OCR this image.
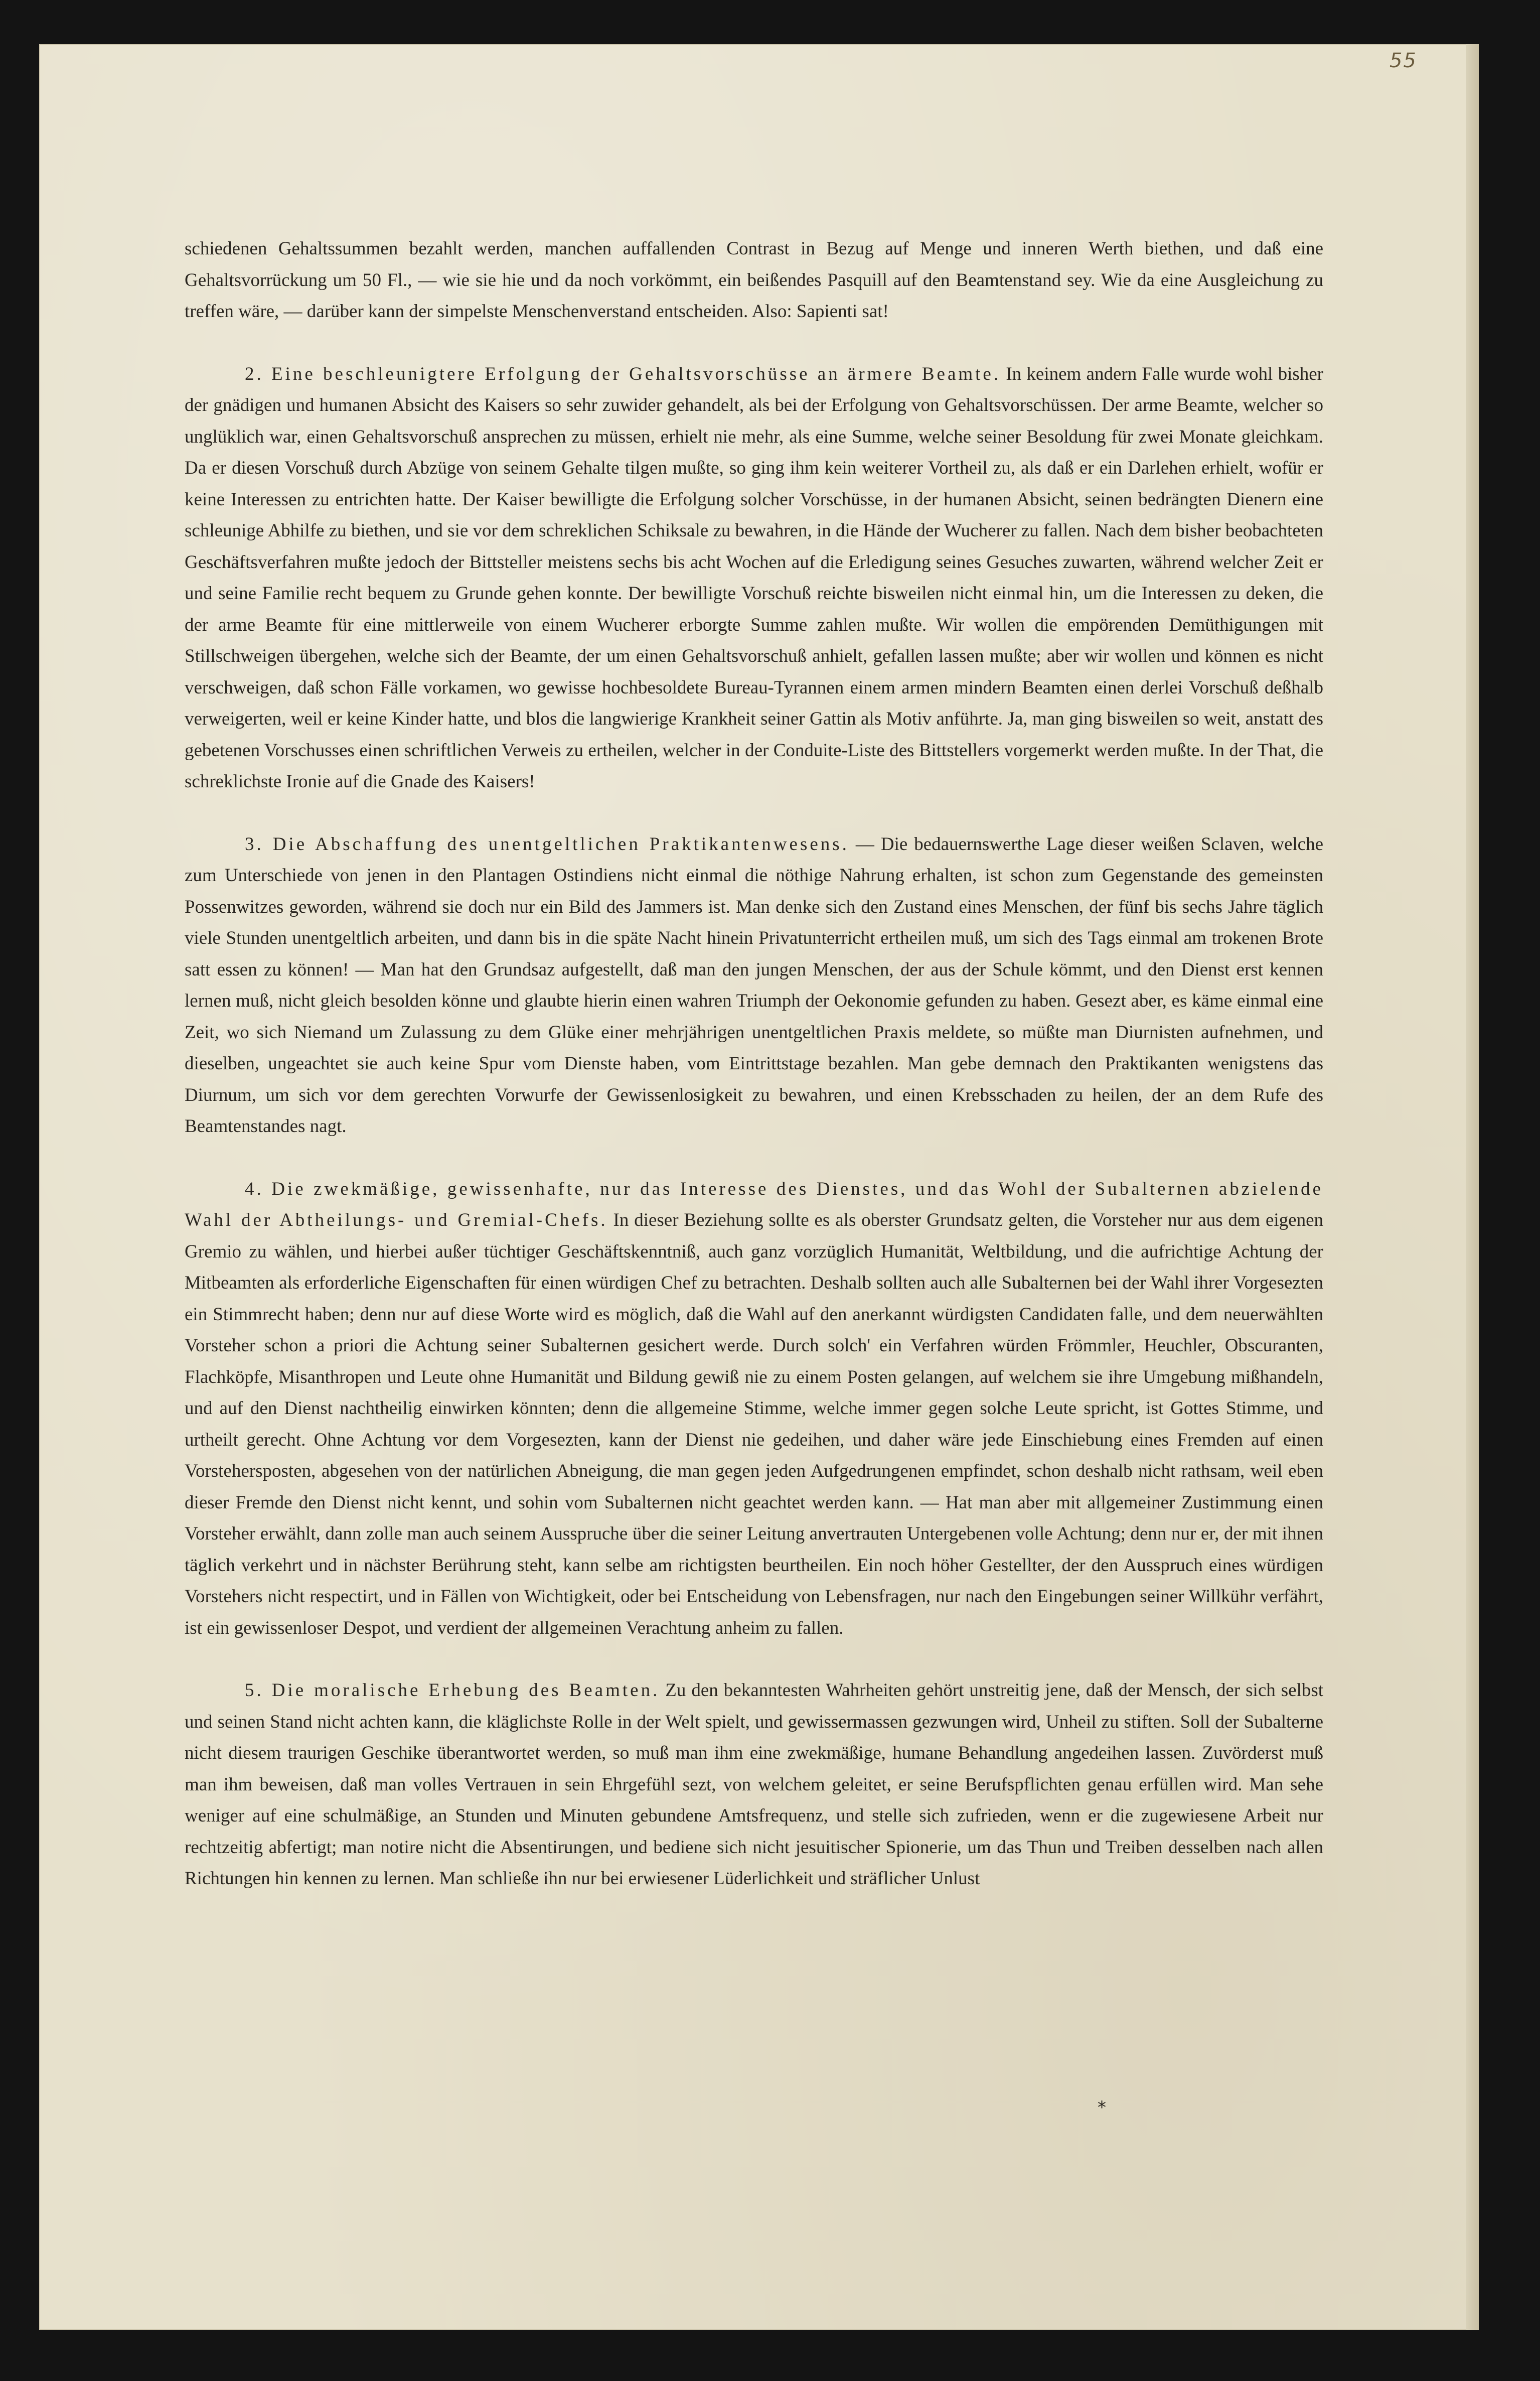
55

schiedenen Gehaltssummen bezahlt werden, manchen auffallenden Contrast in Bezug auf Menge und inneren Werth biethen, und daß eine Gehaltsvorrückung um 50 Fl., — wie sie hie und da noch vorkömmt, ein beißendes Pasquill auf den Beamtenstand sey. Wie da eine Ausgleichung zu treffen wäre, — darüber kann der simpelste Menschenverstand entscheiden. Also: Sapienti sat!

2. Eine beschleunigtere Erfolgung der Gehaltsvorschüsse an ärmere Beamte. In keinem andern Falle wurde wohl bisher der gnädigen und humanen Absicht des Kaisers so sehr zuwider gehandelt, als bei der Erfolgung von Gehaltsvorschüssen. Der arme Beamte, welcher so unglüklich war, einen Gehaltsvorschuß ansprechen zu müssen, erhielt nie mehr, als eine Summe, welche seiner Besoldung für zwei Monate gleichkam. Da er diesen Vorschuß durch Abzüge von seinem Gehalte tilgen mußte, so ging ihm kein weiterer Vortheil zu, als daß er ein Darlehen erhielt, wofür er keine Interessen zu entrichten hatte. Der Kaiser bewilligte die Erfolgung solcher Vorschüsse, in der humanen Absicht, seinen bedrängten Dienern eine schleunige Abhilfe zu biethen, und sie vor dem schreklichen Schiksale zu bewahren, in die Hände der Wucherer zu fallen. Nach dem bisher beobachteten Geschäftsverfahren mußte jedoch der Bittsteller meistens sechs bis acht Wochen auf die Erledigung seines Gesuches zuwarten, während welcher Zeit er und seine Familie recht bequem zu Grunde gehen konnte. Der bewilligte Vorschuß reichte bisweilen nicht einmal hin, um die Interessen zu deken, die der arme Beamte für eine mittlerweile von einem Wucherer erborgte Summe zahlen mußte. Wir wollen die empörenden Demüthigungen mit Stillschweigen übergehen, welche sich der Beamte, der um einen Gehaltsvorschuß anhielt, gefallen lassen mußte; aber wir wollen und können es nicht verschweigen, daß schon Fälle vorkamen, wo gewisse hochbesoldete Bureau-Tyrannen einem armen mindern Beamten einen derlei Vorschuß deßhalb verweigerten, weil er keine Kinder hatte, und blos die langwierige Krankheit seiner Gattin als Motiv anführte. Ja, man ging bisweilen so weit, anstatt des gebetenen Vorschusses einen schriftlichen Verweis zu ertheilen, welcher in der Conduite-Liste des Bittstellers vorgemerkt werden mußte. In der That, die schreklichste Ironie auf die Gnade des Kaisers!

3. Die Abschaffung des unentgeltlichen Praktikantenwesens. — Die bedauernswerthe Lage dieser weißen Sclaven, welche zum Unterschiede von jenen in den Plantagen Ostindiens nicht einmal die nöthige Nahrung erhalten, ist schon zum Gegenstande des gemeinsten Possenwitzes geworden, während sie doch nur ein Bild des Jammers ist. Man denke sich den Zustand eines Menschen, der fünf bis sechs Jahre täglich viele Stunden unentgeltlich arbeiten, und dann bis in die späte Nacht hinein Privatunterricht ertheilen muß, um sich des Tags einmal am trokenen Brote satt essen zu können! — Man hat den Grundsaz aufgestellt, daß man den jungen Menschen, der aus der Schule kömmt, und den Dienst erst kennen lernen muß, nicht gleich besolden könne und glaubte hierin einen wahren Triumph der Oekonomie gefunden zu haben. Gesezt aber, es käme einmal eine Zeit, wo sich Niemand um Zulassung zu dem Glüke einer mehrjährigen unentgeltlichen Praxis meldete, so müßte man Diurnisten aufnehmen, und dieselben, ungeachtet sie auch keine Spur vom Dienste haben, vom Eintrittstage bezahlen. Man gebe demnach den Praktikanten wenigstens das Diurnum, um sich vor dem gerechten Vorwurfe der Gewissenlosigkeit zu bewahren, und einen Krebsschaden zu heilen, der an dem Rufe des Beamtenstandes nagt.

4. Die zwekmäßige, gewissenhafte, nur das Interesse des Dienstes, und das Wohl der Subalternen abzielende Wahl der Abtheilungs- und Gremial-Chefs. In dieser Beziehung sollte es als oberster Grundsatz gelten, die Vorsteher nur aus dem eigenen Gremio zu wählen, und hierbei außer tüchtiger Geschäftskenntniß, auch ganz vorzüglich Humanität, Weltbildung, und die aufrichtige Achtung der Mitbeamten als erforderliche Eigenschaften für einen würdigen Chef zu betrachten. Deshalb sollten auch alle Subalternen bei der Wahl ihrer Vorgesezten ein Stimmrecht haben; denn nur auf diese Worte wird es möglich, daß die Wahl auf den anerkannt würdigsten Candidaten falle, und dem neuerwählten Vorsteher schon a priori die Achtung seiner Subalternen gesichert werde. Durch solch' ein Verfahren würden Frömmler, Heuchler, Obscuranten, Flachköpfe, Misanthropen und Leute ohne Humanität und Bildung gewiß nie zu einem Posten gelangen, auf welchem sie ihre Umgebung mißhandeln, und auf den Dienst nachtheilig einwirken könnten; denn die allgemeine Stimme, welche immer gegen solche Leute spricht, ist Gottes Stimme, und urtheilt gerecht. Ohne Achtung vor dem Vorgesezten, kann der Dienst nie gedeihen, und daher wäre jede Einschiebung eines Fremden auf einen Vorstehersposten, abgesehen von der natürlichen Abneigung, die man gegen jeden Aufgedrungenen empfindet, schon deshalb nicht rathsam, weil eben dieser Fremde den Dienst nicht kennt, und sohin vom Subalternen nicht geachtet werden kann. — Hat man aber mit allgemeiner Zustimmung einen Vorsteher erwählt, dann zolle man auch seinem Ausspruche über die seiner Leitung anvertrauten Untergebenen volle Achtung; denn nur er, der mit ihnen täglich verkehrt und in nächster Berührung steht, kann selbe am richtigsten beurtheilen. Ein noch höher Gestellter, der den Ausspruch eines würdigen Vorstehers nicht respectirt, und in Fällen von Wichtigkeit, oder bei Entscheidung von Lebensfragen, nur nach den Eingebungen seiner Willkühr verfährt, ist ein gewissenloser Despot, und verdient der allgemeinen Verachtung anheim zu fallen.

5. Die moralische Erhebung des Beamten. Zu den bekanntesten Wahrheiten gehört unstreitig jene, daß der Mensch, der sich selbst und seinen Stand nicht achten kann, die kläglichste Rolle in der Welt spielt, und gewissermassen gezwungen wird, Unheil zu stiften. Soll der Subalterne nicht diesem traurigen Geschike überantwortet werden, so muß man ihm eine zwekmäßige, humane Behandlung angedeihen lassen. Zuvörderst muß man ihm beweisen, daß man volles Vertrauen in sein Ehrgefühl sezt, von welchem geleitet, er seine Berufspflichten genau erfüllen wird. Man sehe weniger auf eine schulmäßige, an Stunden und Minuten gebundene Amtsfrequenz, und stelle sich zufrieden, wenn er die zugewiesene Arbeit nur rechtzeitig abfertigt; man notire nicht die Absentirungen, und bediene sich nicht jesuitischer Spionerie, um das Thun und Treiben desselben nach allen Richtungen hin kennen zu lernen. Man schließe ihn nur bei erwiesener Lüderlichkeit und sträflicher Unlust

*
